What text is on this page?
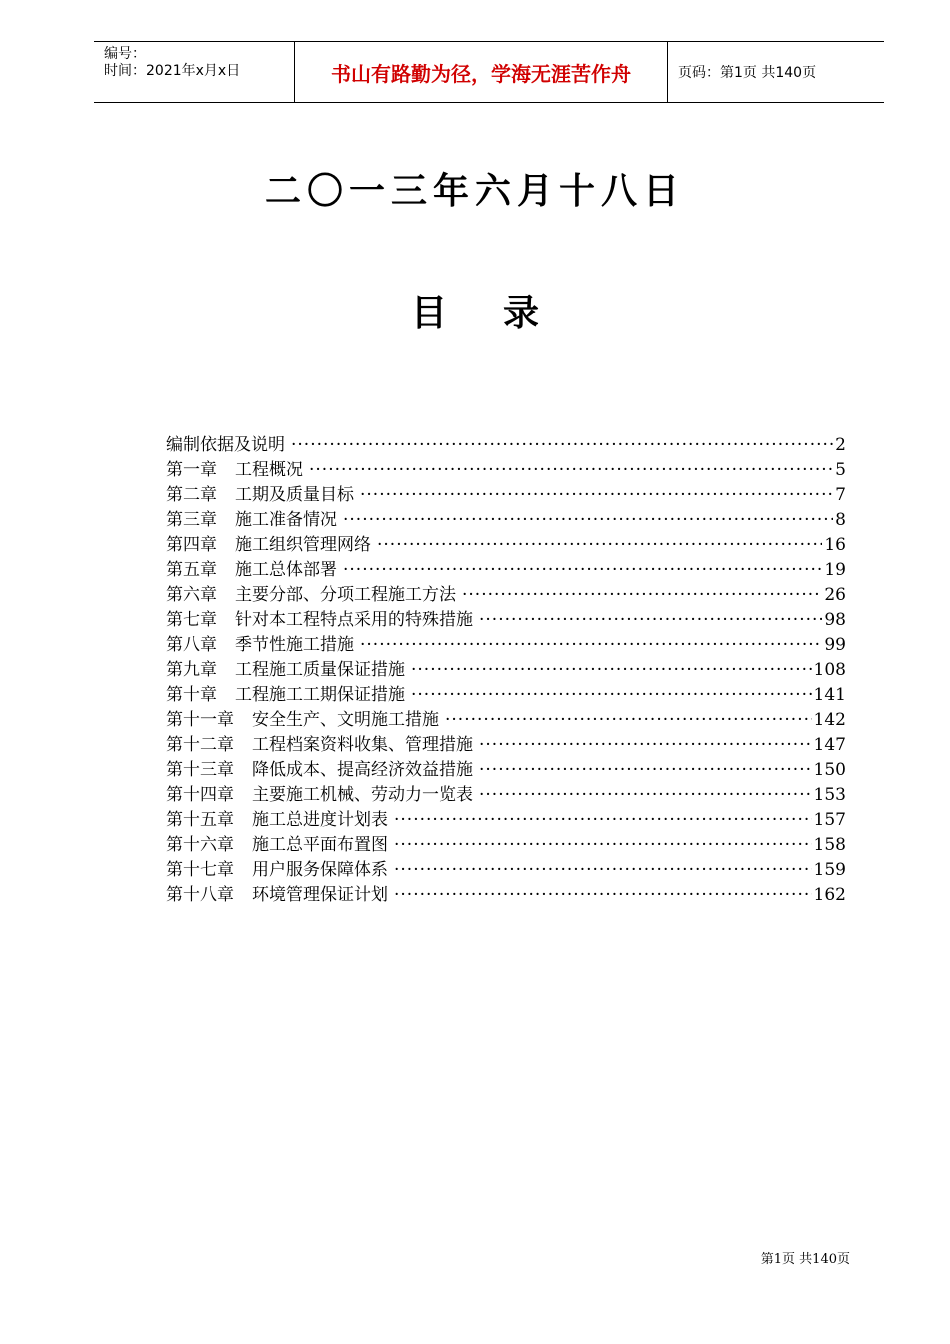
编号：
时间：2021年x月x日	书山有路勤为径，学海无涯苦作舟	页码：第1页 共140页
二〇一三年六月十八日
目录
编制依据及说明 ·····	2
第一章 工程概况 ·····	5
第二章 工期及质量目标 ·····	7
第三章 施工准备情况 ·····	8
第四章 施工组织管理网络 ·····	16
第五章 施工总体部署 ·····	19
第六章 主要分部、分项工程施工方法 ·····	26
第七章 针对本工程特点采用的特殊措施 ·····	98
第八章 季节性施工措施 ·····	99
第九章 工程施工质量保证措施 ·····	108
第十章 工程施工工期保证措施 ·····	141
第十一章 安全生产、文明施工措施 ·····	142
第十二章 工程档案资料收集、管理措施 ·····	147
第十三章 降低成本、提高经济效益措施 ·····	150
第十四章 主要施工机械、劳动力一览表 ·····	153
第十五章 施工总进度计划表 ·····	157
第十六章 施工总平面布置图 ·····	158
第十七章 用户服务保障体系 ·····	159
第十八章 环境管理保证计划 ·····	162
第1页 共140页
